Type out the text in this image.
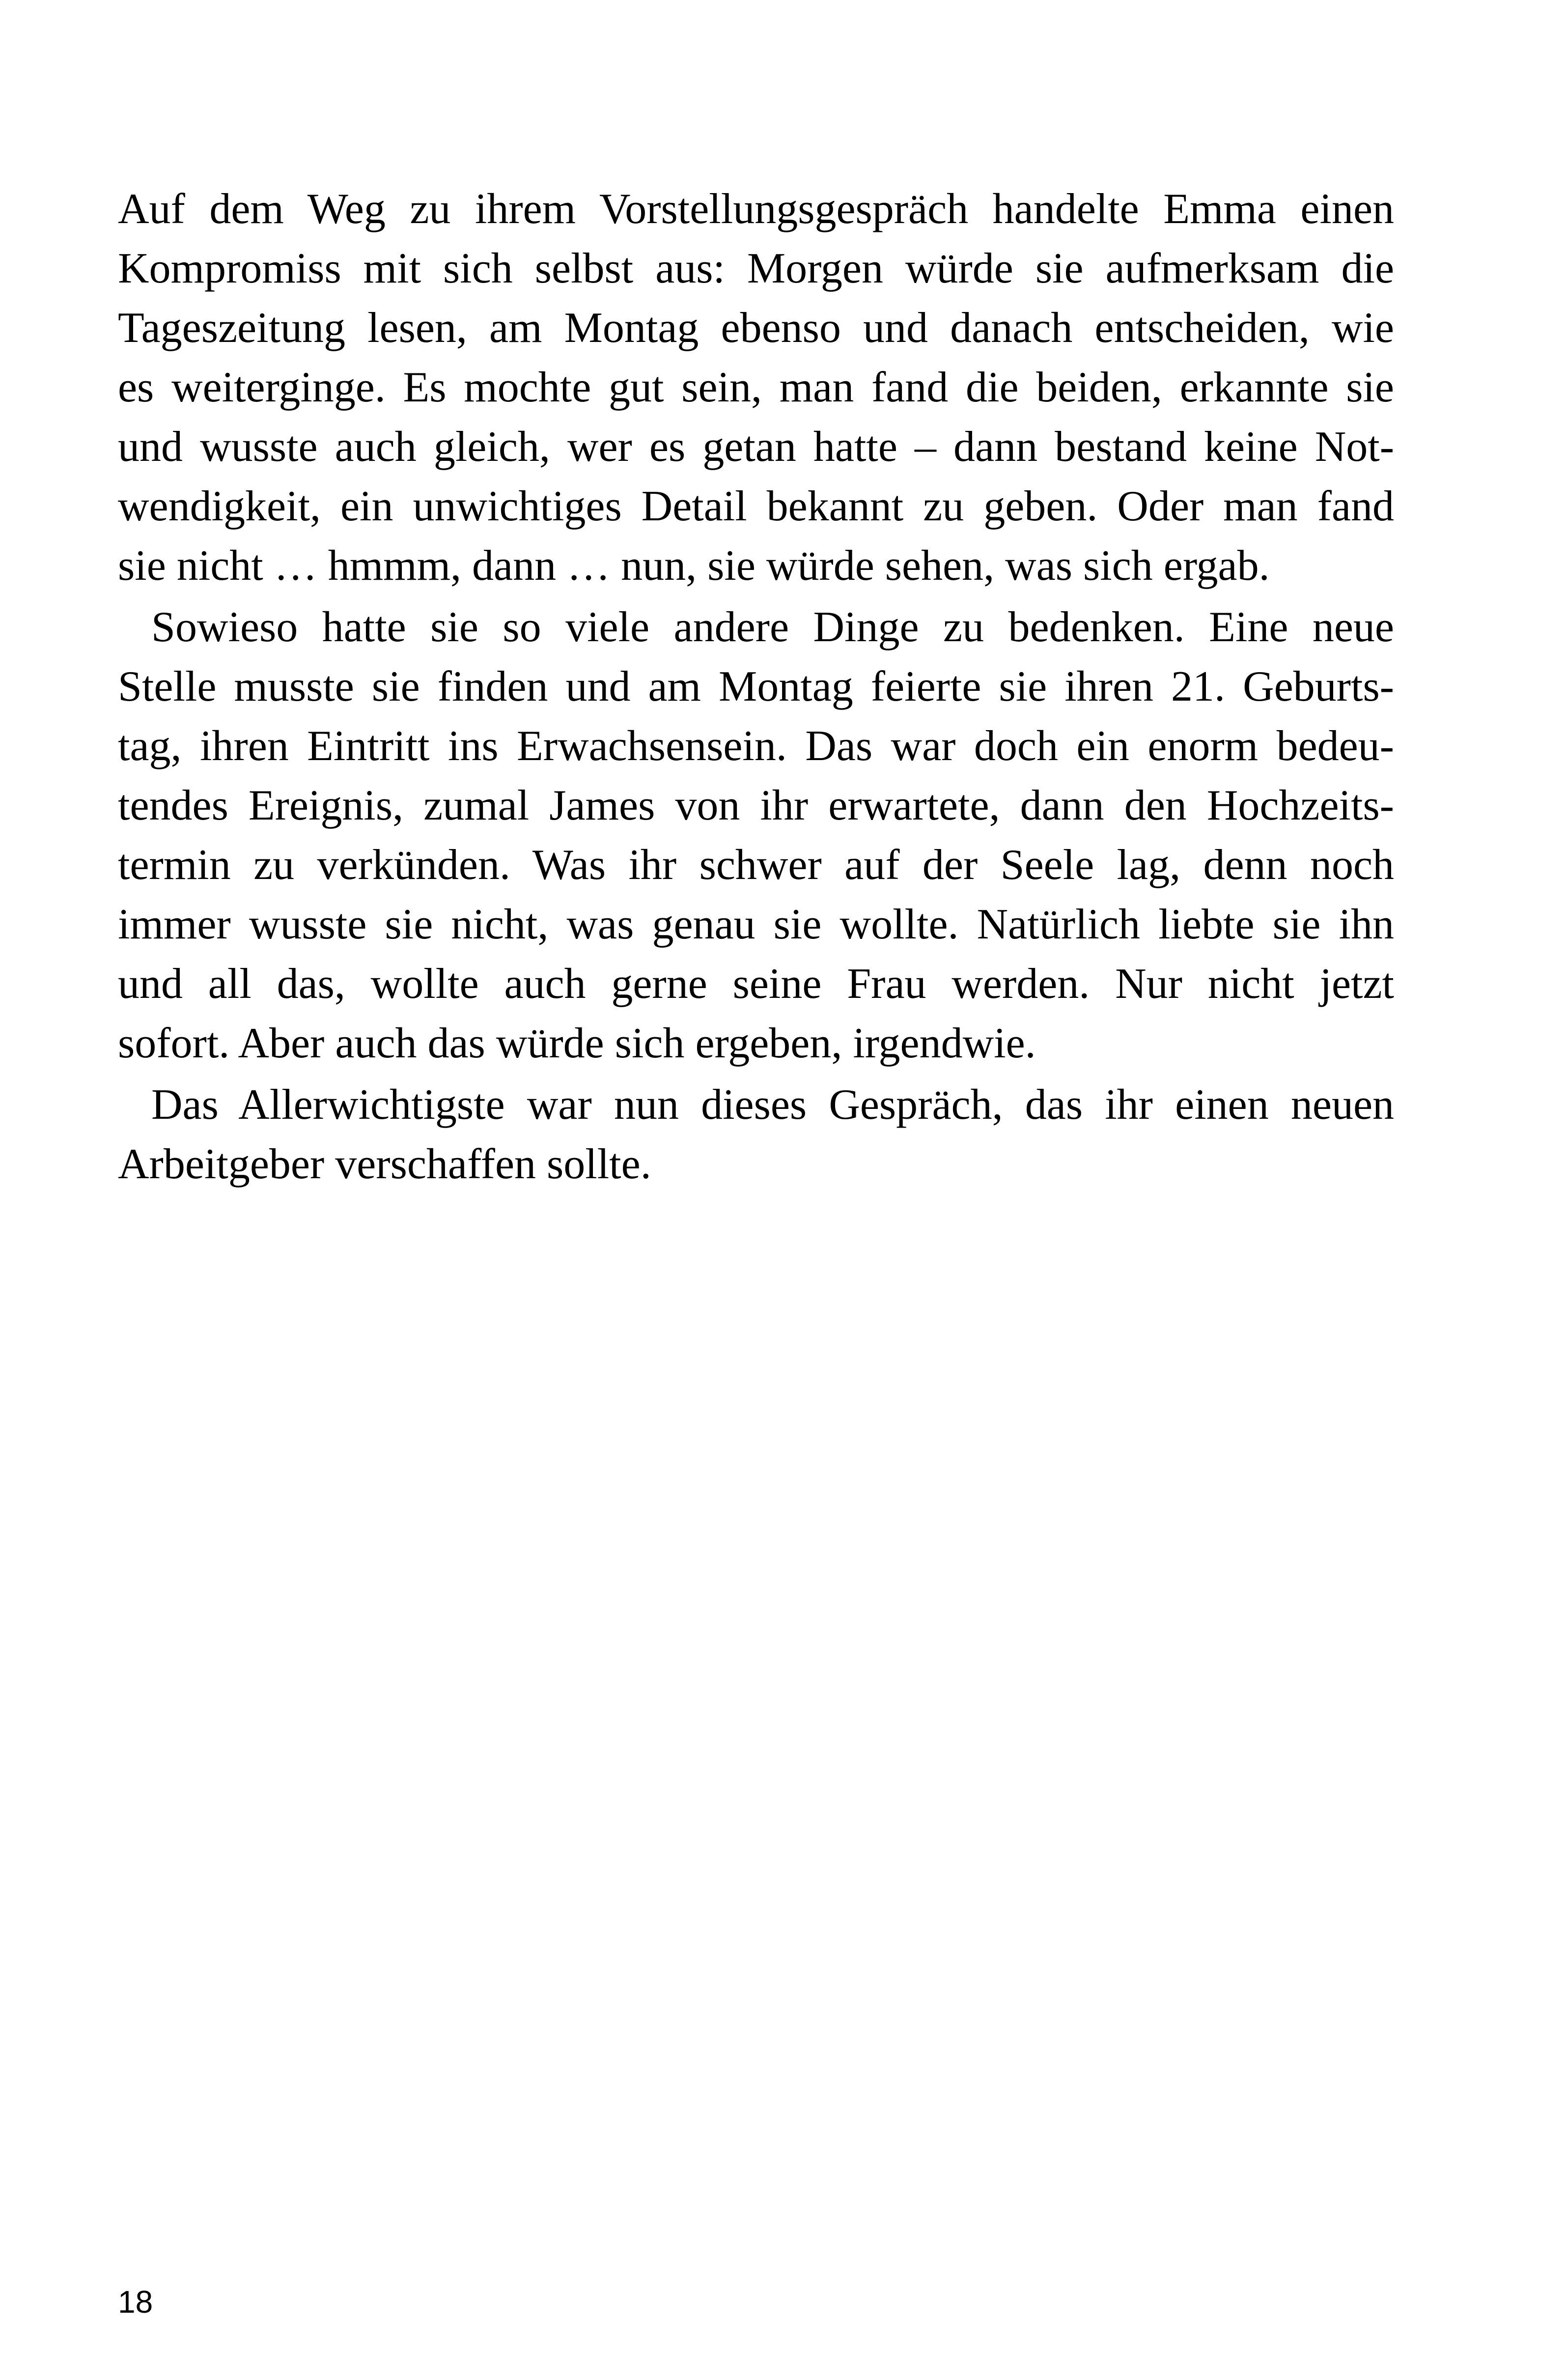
Auf dem Weg zu ihrem Vorstellungsgespräch handelte Emma einen
Kompromiss mit sich selbst aus: Morgen würde sie aufmerksam die
Tageszeitung lesen, am Montag ebenso und danach entscheiden, wie
es weiterginge. Es mochte gut sein, man fand die beiden, erkannte sie
und wusste auch gleich, wer es getan hatte – dann bestand keine Not-
wendigkeit, ein unwichtiges Detail bekannt zu geben. Oder man fand
sie nicht … hmmm, dann … nun, sie würde sehen, was sich ergab.

Sowieso hatte sie so viele andere Dinge zu bedenken. Eine neue
Stelle musste sie finden und am Montag feierte sie ihren 21. Geburts-
tag, ihren Eintritt ins Erwachsensein. Das war doch ein enorm bedeu-
tendes Ereignis, zumal James von ihr erwartete, dann den Hochzeits-
termin zu verkünden. Was ihr schwer auf der Seele lag, denn noch
immer wusste sie nicht, was genau sie wollte. Natürlich liebte sie ihn
und all das, wollte auch gerne seine Frau werden. Nur nicht jetzt
sofort. Aber auch das würde sich ergeben, irgendwie.

Das Allerwichtigste war nun dieses Gespräch, das ihr einen neuen
Arbeitgeber verschaffen sollte.

18
